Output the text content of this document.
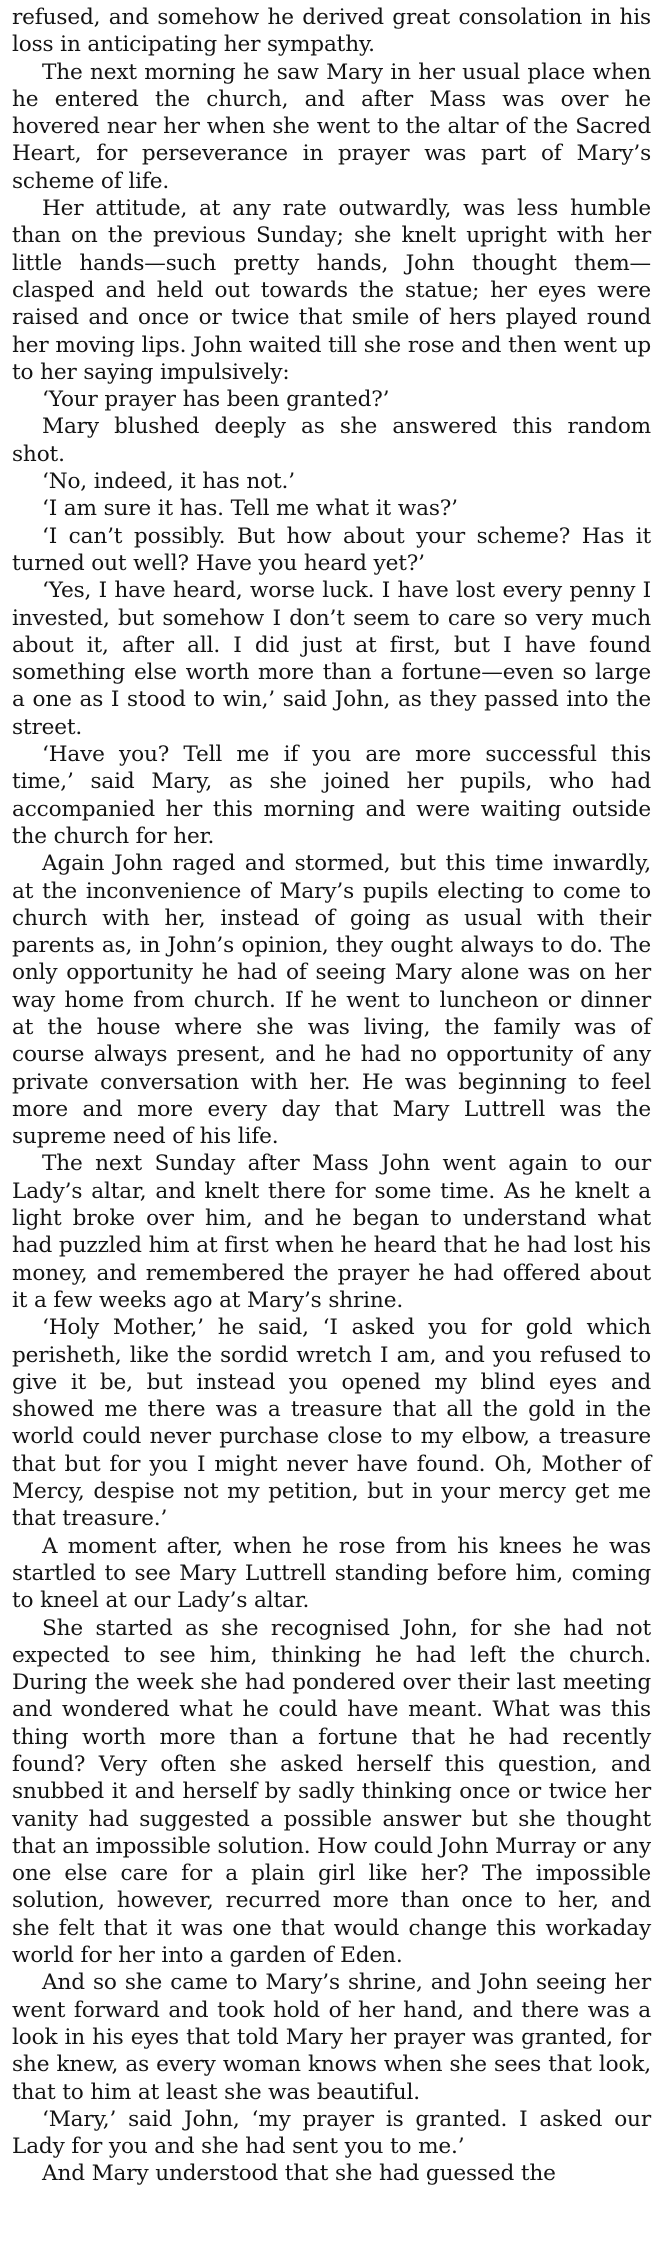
refused, and somehow he derived great consolation in his loss in anticipating her sympathy.

The next morning he saw Mary in her usual place when he entered the church, and after Mass was over he hovered near her when she went to the altar of the Sacred Heart, for perseverance in prayer was part of Mary’s scheme of life.

Her attitude, at any rate outwardly, was less humble than on the previous Sunday; she knelt upright with her little hands—such pretty hands, John thought them—clasped and held out towards the statue; her eyes were raised and once or twice that smile of hers played round her moving lips. John waited till she rose and then went up to her saying impulsively:

‘Your prayer has been granted?’

Mary blushed deeply as she answered this random shot.

‘No, indeed, it has not.’

‘I am sure it has. Tell me what it was?’

‘I can’t possibly. But how about your scheme? Has it turned out well? Have you heard yet?’

‘Yes, I have heard, worse luck. I have lost every penny I invested, but somehow I don’t seem to care so very much about it, after all. I did just at first, but I have found something else worth more than a fortune—even so large a one as I stood to win,’ said John, as they passed into the street.

‘Have you? Tell me if you are more successful this time,’ said Mary, as she joined her pupils, who had accompanied her this morning and were waiting outside the church for her.

Again John raged and stormed, but this time inwardly, at the inconvenience of Mary’s pupils electing to come to church with her, instead of going as usual with their parents as, in John’s opinion, they ought always to do. The only opportunity he had of seeing Mary alone was on her way home from church. If he went to luncheon or dinner at the house where she was living, the family was of course always present, and he had no opportunity of any private conversation with her. He was beginning to feel more and more every day that Mary Luttrell was the supreme need of his life.

The next Sunday after Mass John went again to our Lady’s altar, and knelt there for some time. As he knelt a light broke over him, and he began to understand what had puzzled him at first when he heard that he had lost his money, and remembered the prayer he had offered about it a few weeks ago at Mary’s shrine.

‘Holy Mother,’ he said, ‘I asked you for gold which perisheth, like the sordid wretch I am, and you refused to give it be, but instead you opened my blind eyes and showed me there was a treasure that all the gold in the world could never purchase close to my elbow, a treasure that but for you I might never have found. Oh, Mother of Mercy, despise not my petition, but in your mercy get me that treasure.’

A moment after, when he rose from his knees he was startled to see Mary Luttrell standing before him, coming to kneel at our Lady’s altar.

She started as she recognised John, for she had not expected to see him, thinking he had left the church. During the week she had pondered over their last meeting and wondered what he could have meant. What was this thing worth more than a fortune that he had recently found? Very often she asked herself this question, and snubbed it and herself by sadly thinking once or twice her vanity had suggested a possible answer but she thought that an impossible solution. How could John Murray or any one else care for a plain girl like her? The impossible solution, however, recurred more than once to her, and she felt that it was one that would change this workaday world for her into a garden of Eden.

And so she came to Mary’s shrine, and John seeing her went forward and took hold of her hand, and there was a look in his eyes that told Mary her prayer was granted, for she knew, as every woman knows when she sees that look, that to him at least she was beautiful.

‘Mary,’ said John, ‘my prayer is granted. I asked our Lady for you and she had sent you to me.’

And Mary understood that she had guessed the
